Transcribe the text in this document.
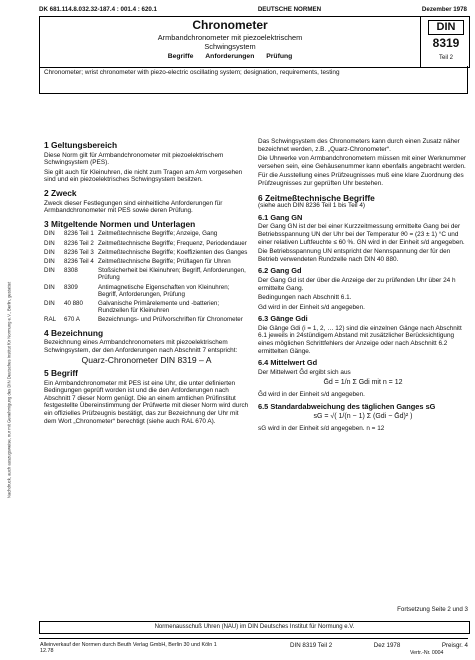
DK 681.114.8.032.32-187.4 : 001.4 : 620.1	DEUTSCHE NORMEN	Dezember 1978
Chronometer
Armbandchronometer mit piezoelektrischem
Schwingsystem
Begriffe Anforderungen Prüfung
DIN
8319
Teil 2
Chronometer; wrist chronometer with piezo-electric oscillating system; designation, requirements, testing
Nachdruck, auch auszugsweise, nur mit Genehmigung des DIN Deutsches Institut für Normung e.V., Berlin, gestattet
1 Geltungsbereich
Diese Norm gilt für Armbandchronometer mit piezoelektrischem Schwingsystem (PES).
Sie gilt auch für Kleinuhren, die nicht zum Tragen am Arm vorgesehen sind und ein piezoelektrisches Schwingsystem besitzen.
2 Zweck
Zweck dieser Festlegungen sind einheitliche Anforderungen für Armbandchronometer mit PES sowie deren Prüfung.
3 Mitgeltende Normen und Unterlagen
DIN	8236 Teil 1	Zeitmeßtechnische Begriffe; Anzeige, Gang
DIN	8236 Teil 2	Zeitmeßtechnische Begriffe; Frequenz, Periodendauer
DIN	8236 Teil 3	Zeitmeßtechnische Begriffe; Koeffizienten des Ganges
DIN	8236 Teil 4	Zeitmeßtechnische Begriffe; Prüflagen für Uhren
DIN	8308	Stoßsicherheit bei Kleinuhren; Begriff, Anforderungen, Prüfung
DIN	8309	Antimagnetische Eigenschaften von Kleinuhren; Begriff, Anforderungen, Prüfung
DIN	40 880	Galvanische Primärelemente und -batterien; Rundzellen für Kleinuhren
RAL	670 A	Bezeichnungs- und Prüfvorschriften für Chronometer
4 Bezeichnung
Bezeichnung eines Armbandchronometers mit piezoelektrischem Schwingsystem, der den Anforderungen nach Abschnitt 7 entspricht:
Quarz-Chronometer DIN 8319 – A
5 Begriff
Ein Armbandchronometer mit PES ist eine Uhr, die unter definierten Bedingungen geprüft worden ist und die den Anforderungen nach Abschnitt 7 dieser Norm genügt. Die an einem amtlichen Prüfinstitut festgestellte Übereinstimmung der Prüfwerte mit dieser Norm wird durch ein offizielles Prüfzeugnis bestätigt, das zur Bezeichnung der Uhr mit dem Wort „Chronometer“ berechtigt (siehe auch RAL 670 A).
Das Schwingsystem des Chronometers kann durch einen Zusatz näher bezeichnet werden, z.B. „Quarz-Chronometer“.
Die Uhrwerke von Armbandchronometern müssen mit einer Werknummer versehen sein, eine Gehäusenummer kann ebenfalls angebracht werden.
Für die Ausstellung eines Prüfzeugnisses muß eine klare Zuordnung des Prüfzeugnisses zur geprüften Uhr bestehen.
6 Zeitmeßtechnische Begriffe
(siehe auch DIN 8236 Teil 1 bis Teil 4)
6.1 Gang GN
Der Gang GN ist der bei einer Kurzzeitmessung ermittelte Gang bei der Betriebsspannung UN der Uhr bei der Temperatur ϑ0 = (23 ± 1) °C und einer relativen Luftfeuchte ≤ 60 %. GN wird in der Einheit s/d angegeben.
Die Betriebsspannung UN entspricht der Nennspannung der für den Betrieb verwendeten Rundzelle nach DIN 40 880.
6.2 Gang Gd
Der Gang Gd ist der über die Anzeige der zu prüfenden Uhr über 24 h ermittelte Gang.
Bedingungen nach Abschnitt 6.1.
Gd wird in der Einheit s/d angegeben.
6.3 Gänge Gdi
Die Gänge Gdi (i = 1, 2, … 12) sind die einzelnen Gänge nach Abschnitt 6.1 jeweils in 24stündigem Abstand mit zusätzlicher Berücksichtigung eines möglichen Schrittfehlers der Anzeige oder nach Abschnitt 6.2 ermittelten Gänge.
6.4 Mittelwert Gd
Der Mittelwert Ḡd ergibt sich aus
Ḡd = 1/n Σ Gdi mit n = 12
Ḡd wird in der Einheit s/d angegeben.
6.5 Standardabweichung des täglichen Ganges sG
sG = √( 1/(n − 1) Σ (Gdi − Ḡd)² )
sG wird in der Einheit s/d angegeben. n = 12
Fortsetzung Seite 2 und 3
Normenausschuß Uhren (NAU) im DIN Deutsches Institut für Normung e.V.
Alleinverkauf der Normen durch Beuth Verlag GmbH, Berlin 30 und Köln 1
12.78
DIN 8319 Teil 2	Dez 1978	Preisgr. 4
Vertr.-Nr. 0004
